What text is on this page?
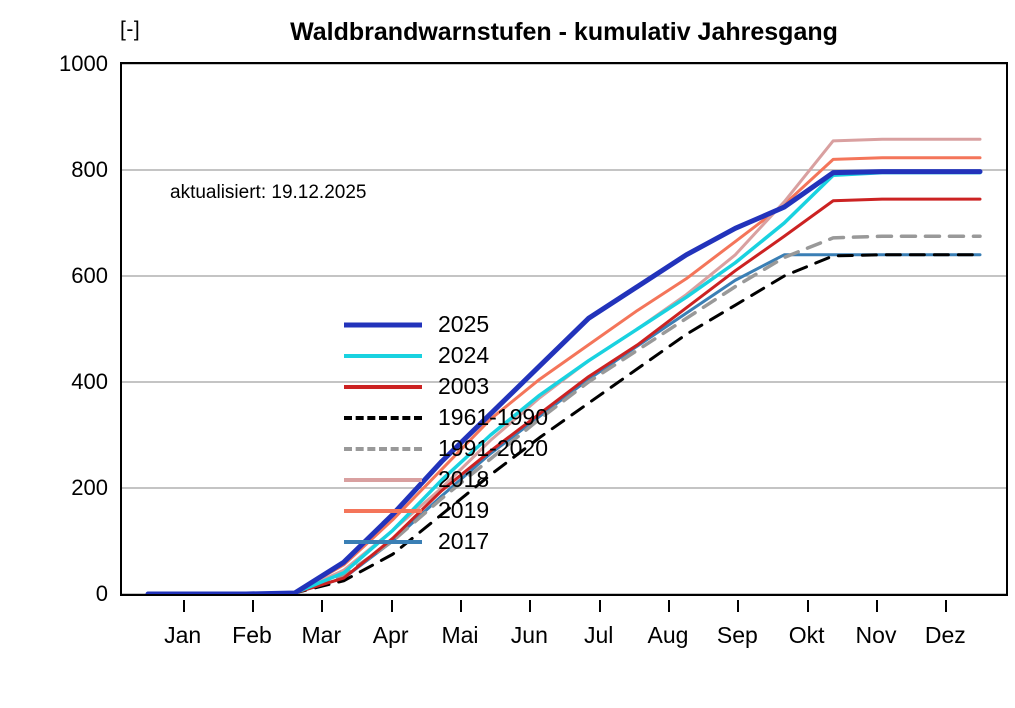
[-]	Waldbrandwarnstufen - kumulativ Jahresgang
0
200
400
600
800
1000
aktualisiert: 19.12.2025
2025
2024
2003
1961-1990
1991-2020
2018
2019
2017
Jan Feb Mar Apr Mai Jun Jul Aug Sep Okt Nov Dez
